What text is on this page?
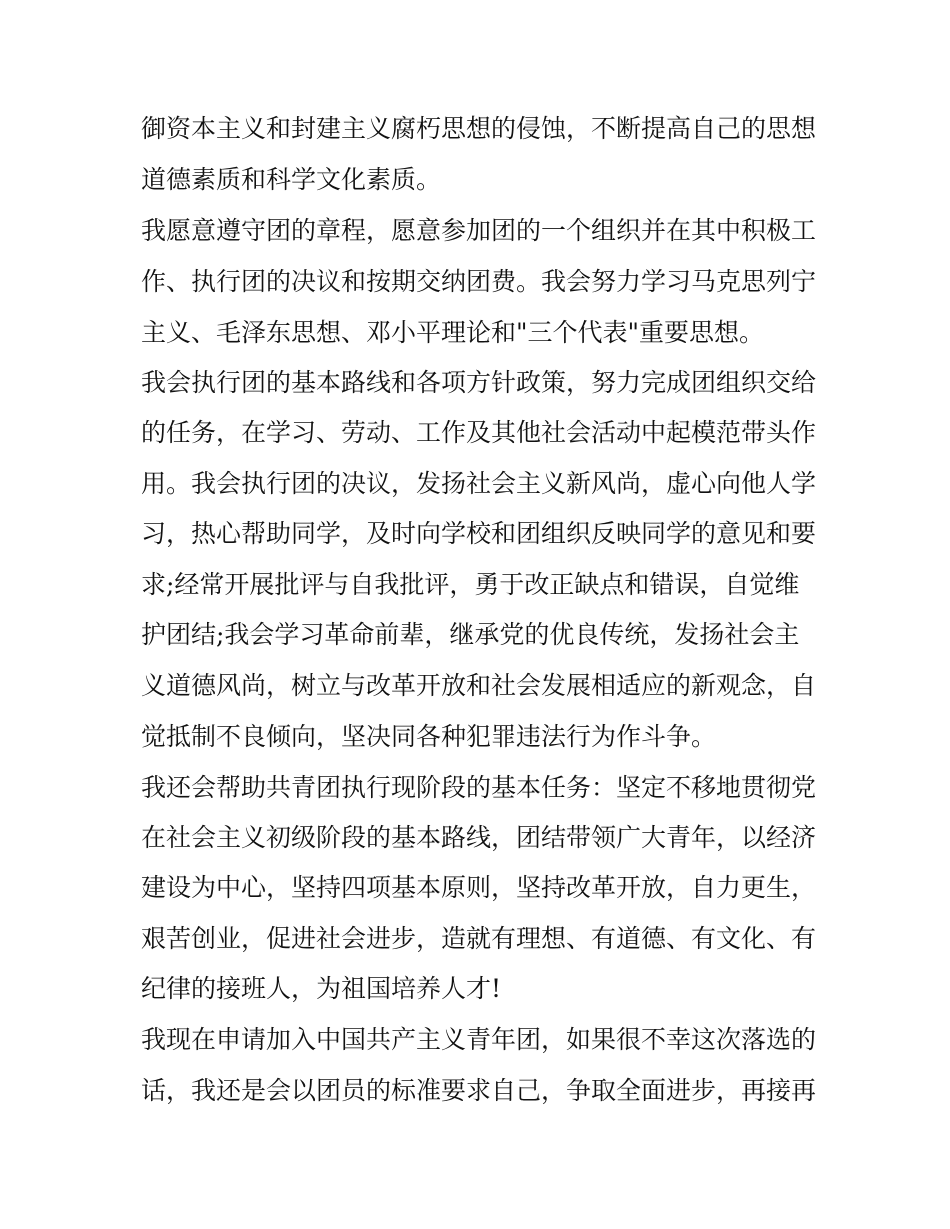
御资本主义和封建主义腐朽思想的侵蚀，不断提高自己的思想
道德素质和科学文化素质。
我愿意遵守团的章程，愿意参加团的一个组织并在其中积极工
作、执行团的决议和按期交纳团费。我会努力学习马克思列宁
主义、毛泽东思想、邓小平理论和"三个代表"重要思想。
我会执行团的基本路线和各项方针政策，努力完成团组织交给
的任务，在学习、劳动、工作及其他社会活动中起模范带头作
用。我会执行团的决议，发扬社会主义新风尚，虚心向他人学
习，热心帮助同学，及时向学校和团组织反映同学的意见和要
求;经常开展批评与自我批评，勇于改正缺点和错误，自觉维
护团结;我会学习革命前辈，继承党的优良传统，发扬社会主
义道德风尚，树立与改革开放和社会发展相适应的新观念，自
觉抵制不良倾向，坚决同各种犯罪违法行为作斗争。
我还会帮助共青团执行现阶段的基本任务：坚定不移地贯彻党
在社会主义初级阶段的基本路线，团结带领广大青年，以经济
建设为中心，坚持四项基本原则，坚持改革开放，自力更生，
艰苦创业，促进社会进步，造就有理想、有道德、有文化、有
纪律的接班人，为祖国培养人才!
我现在申请加入中国共产主义青年团，如果很不幸这次落选的
话，我还是会以团员的标准要求自己，争取全面进步，再接再
